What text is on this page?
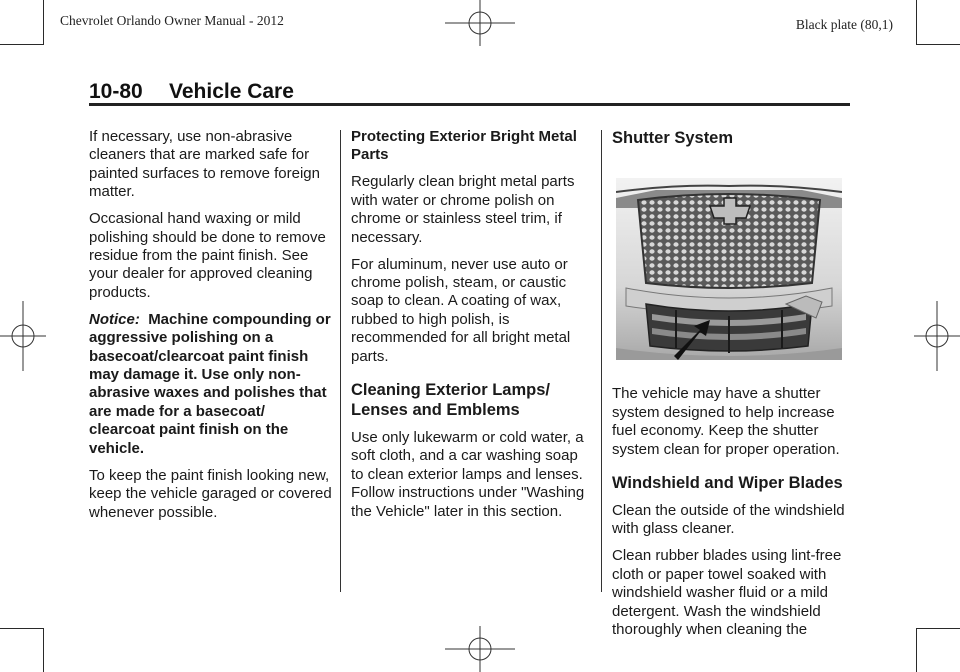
Chevrolet Orlando Owner Manual - 2012	Black plate (80,1)
10-80 Vehicle Care

If necessary, use non-abrasive cleaners that are marked safe for painted surfaces to remove foreign matter.

Occasional hand waxing or mild polishing should be done to remove residue from the paint finish. See your dealer for approved cleaning products.

Notice: Machine compounding or aggressive polishing on a basecoat/clearcoat paint finish may damage it. Use only non-abrasive waxes and polishes that are made for a basecoat/ clearcoat paint finish on the vehicle.

To keep the paint finish looking new, keep the vehicle garaged or covered whenever possible.

Protecting Exterior Bright Metal Parts

Regularly clean bright metal parts with water or chrome polish on chrome or stainless steel trim, if necessary.

For aluminum, never use auto or chrome polish, steam, or caustic soap to clean. A coating of wax, rubbed to high polish, is recommended for all bright metal parts.

Cleaning Exterior Lamps/ Lenses and Emblems

Use only lukewarm or cold water, a soft cloth, and a car washing soap to clean exterior lamps and lenses. Follow instructions under "Washing the Vehicle" later in this section.

Shutter System

The vehicle may have a shutter system designed to help increase fuel economy. Keep the shutter system clean for proper operation.

Windshield and Wiper Blades

Clean the outside of the windshield with glass cleaner.

Clean rubber blades using lint-free cloth or paper towel soaked with windshield washer fluid or a mild detergent. Wash the windshield thoroughly when cleaning the
